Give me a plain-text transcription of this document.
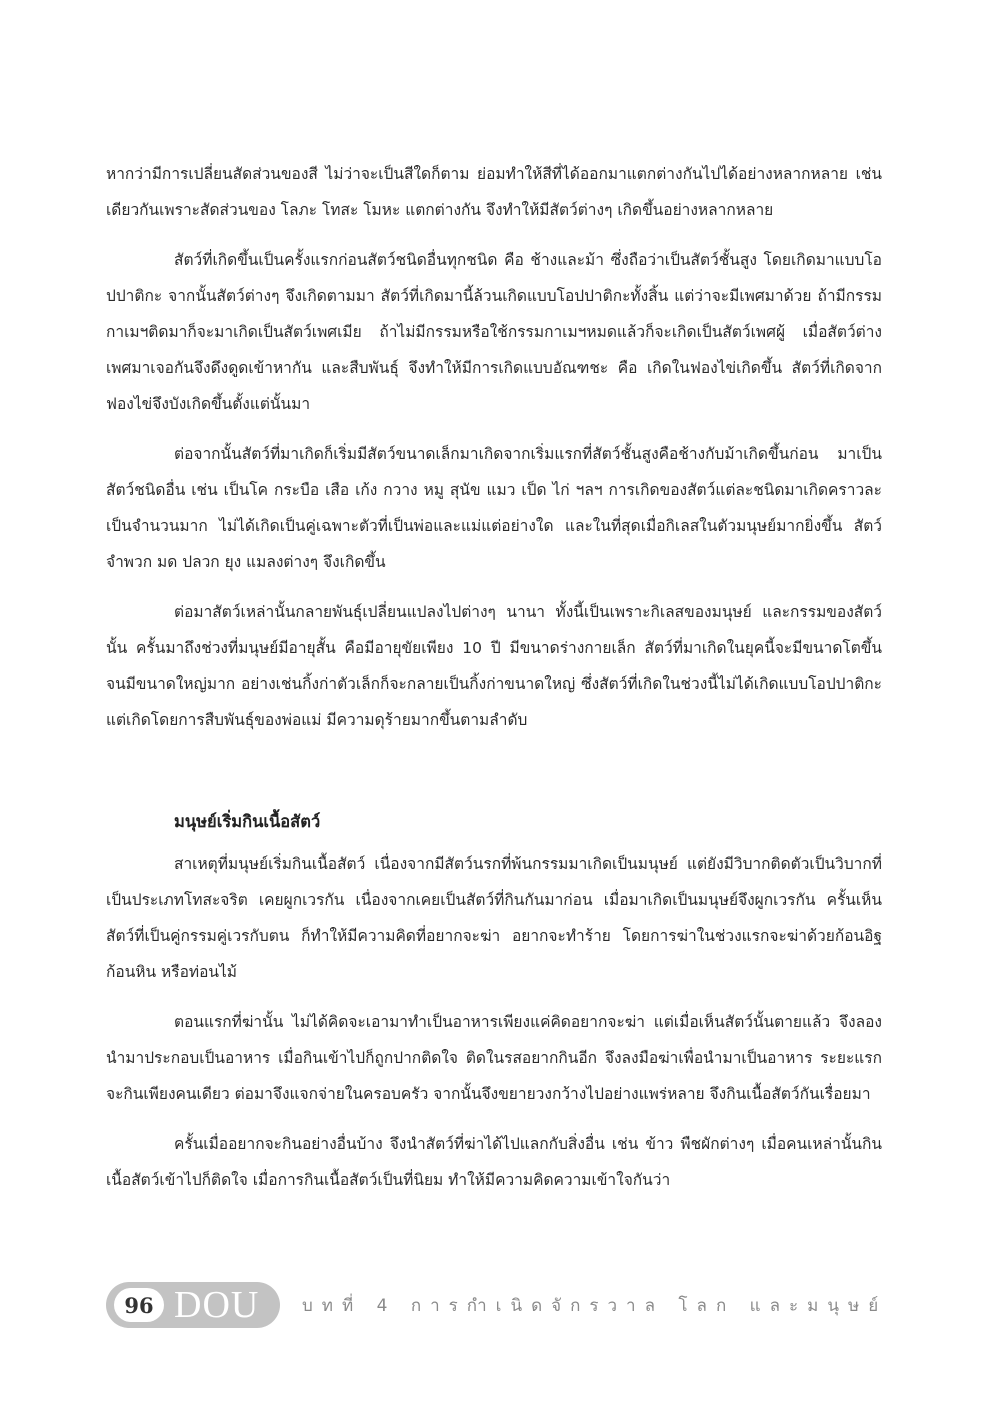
หากว่ามีการเปลี่ยนสัดส่วนของสี ไม่ว่าจะเป็นสีใดก็ตาม ย่อมทำให้สีที่ได้ออกมาแตกต่างกันไปได้อย่างหลากหลาย เช่นเดียวกันเพราะสัดส่วนของ โลภะ โทสะ โมหะ แตกต่างกัน จึงทำให้มีสัตว์ต่างๆ เกิดขึ้นอย่างหลากหลาย

สัตว์ที่เกิดขึ้นเป็นครั้งแรกก่อนสัตว์ชนิดอื่นทุกชนิด คือ ช้างและม้า ซึ่งถือว่าเป็นสัตว์ชั้นสูง โดยเกิดมาแบบโอปปาติกะ จากนั้นสัตว์ต่างๆ จึงเกิดตามมา สัตว์ที่เกิดมานี้ล้วนเกิดแบบโอปปาติกะทั้งสิ้น แต่ว่าจะมีเพศมาด้วย ถ้ามีกรรมกาเมฯติดมาก็จะมาเกิดเป็นสัตว์เพศเมีย ถ้าไม่มีกรรมหรือใช้กรรมกาเมฯหมดแล้วก็จะเกิดเป็นสัตว์เพศผู้ เมื่อสัตว์ต่างเพศมาเจอกันจึงดึงดูดเข้าหากัน และสืบพันธุ์ จึงทำให้มีการเกิดแบบอัณฑชะ คือ เกิดในฟองไข่เกิดขึ้น สัตว์ที่เกิดจากฟองไข่จึงบังเกิดขึ้นตั้งแต่นั้นมา

ต่อจากนั้นสัตว์ที่มาเกิดก็เริ่มมีสัตว์ขนาดเล็กมาเกิดจากเริ่มแรกที่สัตว์ชั้นสูงคือช้างกับม้าเกิดขึ้นก่อน มาเป็นสัตว์ชนิดอื่น เช่น เป็นโค กระบือ เสือ เก้ง กวาง หมู สุนัข แมว เป็ด ไก่ ฯลฯ การเกิดของสัตว์แต่ละชนิดมาเกิดคราวละเป็นจำนวนมาก ไม่ได้เกิดเป็นคู่เฉพาะตัวที่เป็นพ่อและแม่แต่อย่างใด และในที่สุดเมื่อกิเลสในตัวมนุษย์มากยิ่งขึ้น สัตว์จำพวก มด ปลวก ยุง แมลงต่างๆ จึงเกิดขึ้น

ต่อมาสัตว์เหล่านั้นกลายพันธุ์เปลี่ยนแปลงไปต่างๆ นานา ทั้งนี้เป็นเพราะกิเลสของมนุษย์ และกรรมของสัตว์นั้น ครั้นมาถึงช่วงที่มนุษย์มีอายุสั้น คือมีอายุขัยเพียง 10 ปี มีขนาดร่างกายเล็ก สัตว์ที่มาเกิดในยุคนี้จะมีขนาดโตขึ้น จนมีขนาดใหญ่มาก อย่างเช่นกิ้งก่าตัวเล็กก็จะกลายเป็นกิ้งก่าขนาดใหญ่ ซึ่งสัตว์ที่เกิดในช่วงนี้ไม่ได้เกิดแบบโอปปาติกะ แต่เกิดโดยการสืบพันธุ์ของพ่อแม่ มีความดุร้ายมากขึ้นตามลำดับ

มนุษย์เริ่มกินเนื้อสัตว์

สาเหตุที่มนุษย์เริ่มกินเนื้อสัตว์ เนื่องจากมีสัตว์นรกที่พ้นกรรมมาเกิดเป็นมนุษย์ แต่ยังมีวิบากติดตัวเป็นวิบากที่เป็นประเภทโทสะจริต เคยผูกเวรกัน เนื่องจากเคยเป็นสัตว์ที่กินกันมาก่อน เมื่อมาเกิดเป็นมนุษย์จึงผูกเวรกัน ครั้นเห็นสัตว์ที่เป็นคู่กรรมคู่เวรกับตน ก็ทำให้มีความคิดที่อยากจะฆ่า อยากจะทำร้าย โดยการฆ่าในช่วงแรกจะฆ่าด้วยก้อนอิฐ ก้อนหิน หรือท่อนไม้

ตอนแรกที่ฆ่านั้น ไม่ได้คิดจะเอามาทำเป็นอาหารเพียงแค่คิดอยากจะฆ่า แต่เมื่อเห็นสัตว์นั้นตายแล้ว จึงลองนำมาประกอบเป็นอาหาร เมื่อกินเข้าไปก็ถูกปากติดใจ ติดในรสอยากกินอีก จึงลงมือฆ่าเพื่อนำมาเป็นอาหาร ระยะแรกจะกินเพียงคนเดียว ต่อมาจึงแจกจ่ายในครอบครัว จากนั้นจึงขยายวงกว้างไปอย่างแพร่หลาย จึงกินเนื้อสัตว์กันเรื่อยมา

ครั้นเมื่ออยากจะกินอย่างอื่นบ้าง จึงนำสัตว์ที่ฆ่าได้ไปแลกกับสิ่งอื่น เช่น ข้าว พืชผักต่างๆ เมื่อคนเหล่านั้นกินเนื้อสัตว์เข้าไปก็ติดใจ เมื่อการกินเนื้อสัตว์เป็นที่นิยม ทำให้มีความคิดความเข้าใจกันว่า

96 DOU	บทที่ 4 การกำเนิดจักรวาล โลก และมนุษย์
